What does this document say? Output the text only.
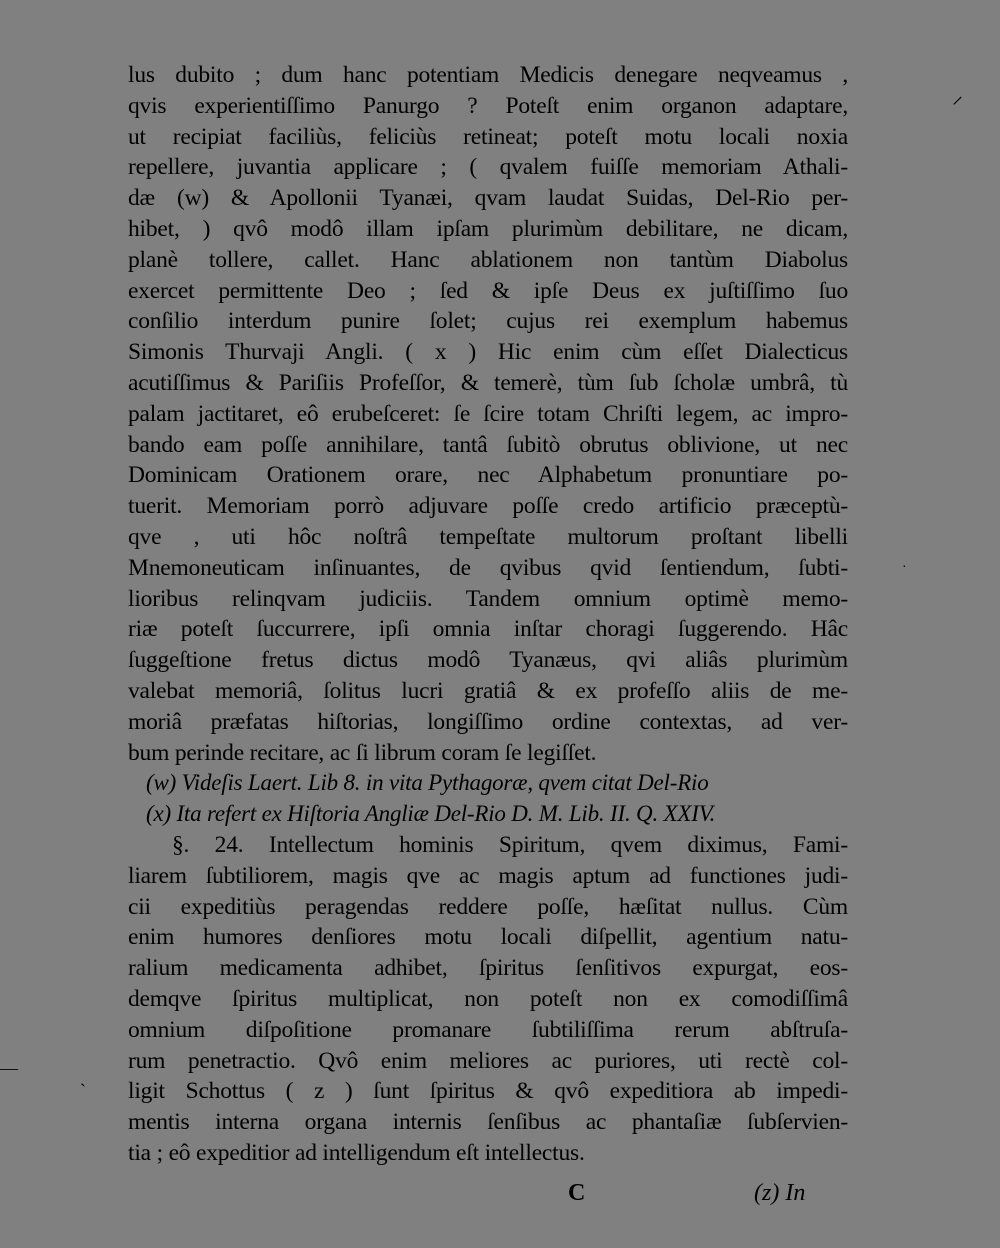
lus dubito ; dum hanc potentiam Medicis denegare neqveamus ,
qvis experientiſſimo Panurgo ? Poteſt enim organon adaptare,
ut recipiat faciliùs, feliciùs retineat; poteſt motu locali noxia
repellere, juvantia applicare ; ( qvalem fuiſſe memoriam Athali-
dæ (w) & Apollonii Tyanæi, qvam laudat Suidas, Del-Rio per-
hibet, ) qvô modô illam ipſam plurimùm debilitare, ne dicam,
planè tollere, callet. Hanc ablationem non tantùm Diabolus
exercet permittente Deo ; ſed & ipſe Deus ex juſtiſſimo ſuo
conſilio interdum punire ſolet; cujus rei exemplum habemus
Simonis Thurvaji Angli. ( x ) Hic enim cùm eſſet Dialecticus
acutiſſimus & Pariſiis Profeſſor, & temerè, tùm ſub ſcholæ umbrâ, tù
palam jactitaret, eô erubeſceret: ſe ſcire totam Chriſti legem, ac impro-
bando eam poſſe annihilare, tantâ ſubitò obrutus oblivione, ut nec
Dominicam Orationem orare, nec Alphabetum pronuntiare po-
tuerit. Memoriam porrò adjuvare poſſe credo artificio præceptù-
qve , uti hôc noſtrâ tempeſtate multorum proſtant libelli
Mnemoneuticam inſinuantes, de qvibus qvid ſentiendum, ſubti-
lioribus relinqvam judiciis. Tandem omnium optimè memo-
riæ poteſt ſuccurrere, ipſi omnia inſtar choragi ſuggerendo. Hâc
ſuggeſtione fretus dictus modô Tyanæus, qvi aliâs plurimùm
valebat memoriâ, ſolitus lucri gratiâ & ex profeſſo aliis de me-
moriâ præfatas hiſtorias, longiſſimo ordine contextas, ad ver-
bum perinde recitare, ac ſi librum coram ſe legiſſet.
(w) Videſis Laert. Lib 8. in vita Pythagoræ, qvem citat Del-Rio
(x) Ita refert ex Hiſtoria Angliæ Del-Rio D. M. Lib. II. Q. XXIV.
§. 24. Intellectum hominis Spiritum, qvem diximus, Fami-
liarem ſubtiliorem, magis qve ac magis aptum ad functiones judi-
cii expeditiùs peragendas reddere poſſe, hæſitat nullus. Cùm
enim humores denſiores motu locali diſpellit, agentium natu-
ralium medicamenta adhibet, ſpiritus ſenſitivos expurgat, eos-
demqve ſpiritus multiplicat, non poteſt non ex comodiſſimâ
omnium diſpoſitione promanare ſubtiliſſima rerum abſtruſa-
rum penetractio. Qvô enim meliores ac puriores, uti rectè col-
ligit Schottus ( z ) ſunt ſpiritus & qvô expeditiora ab impedi-
mentis interna organa internis ſenſibus ac phantaſiæ ſubſervien-
tia ; eô expeditior ad intelligendum eſt intellectus.
C	(z) In
⸝
·
—
˴
